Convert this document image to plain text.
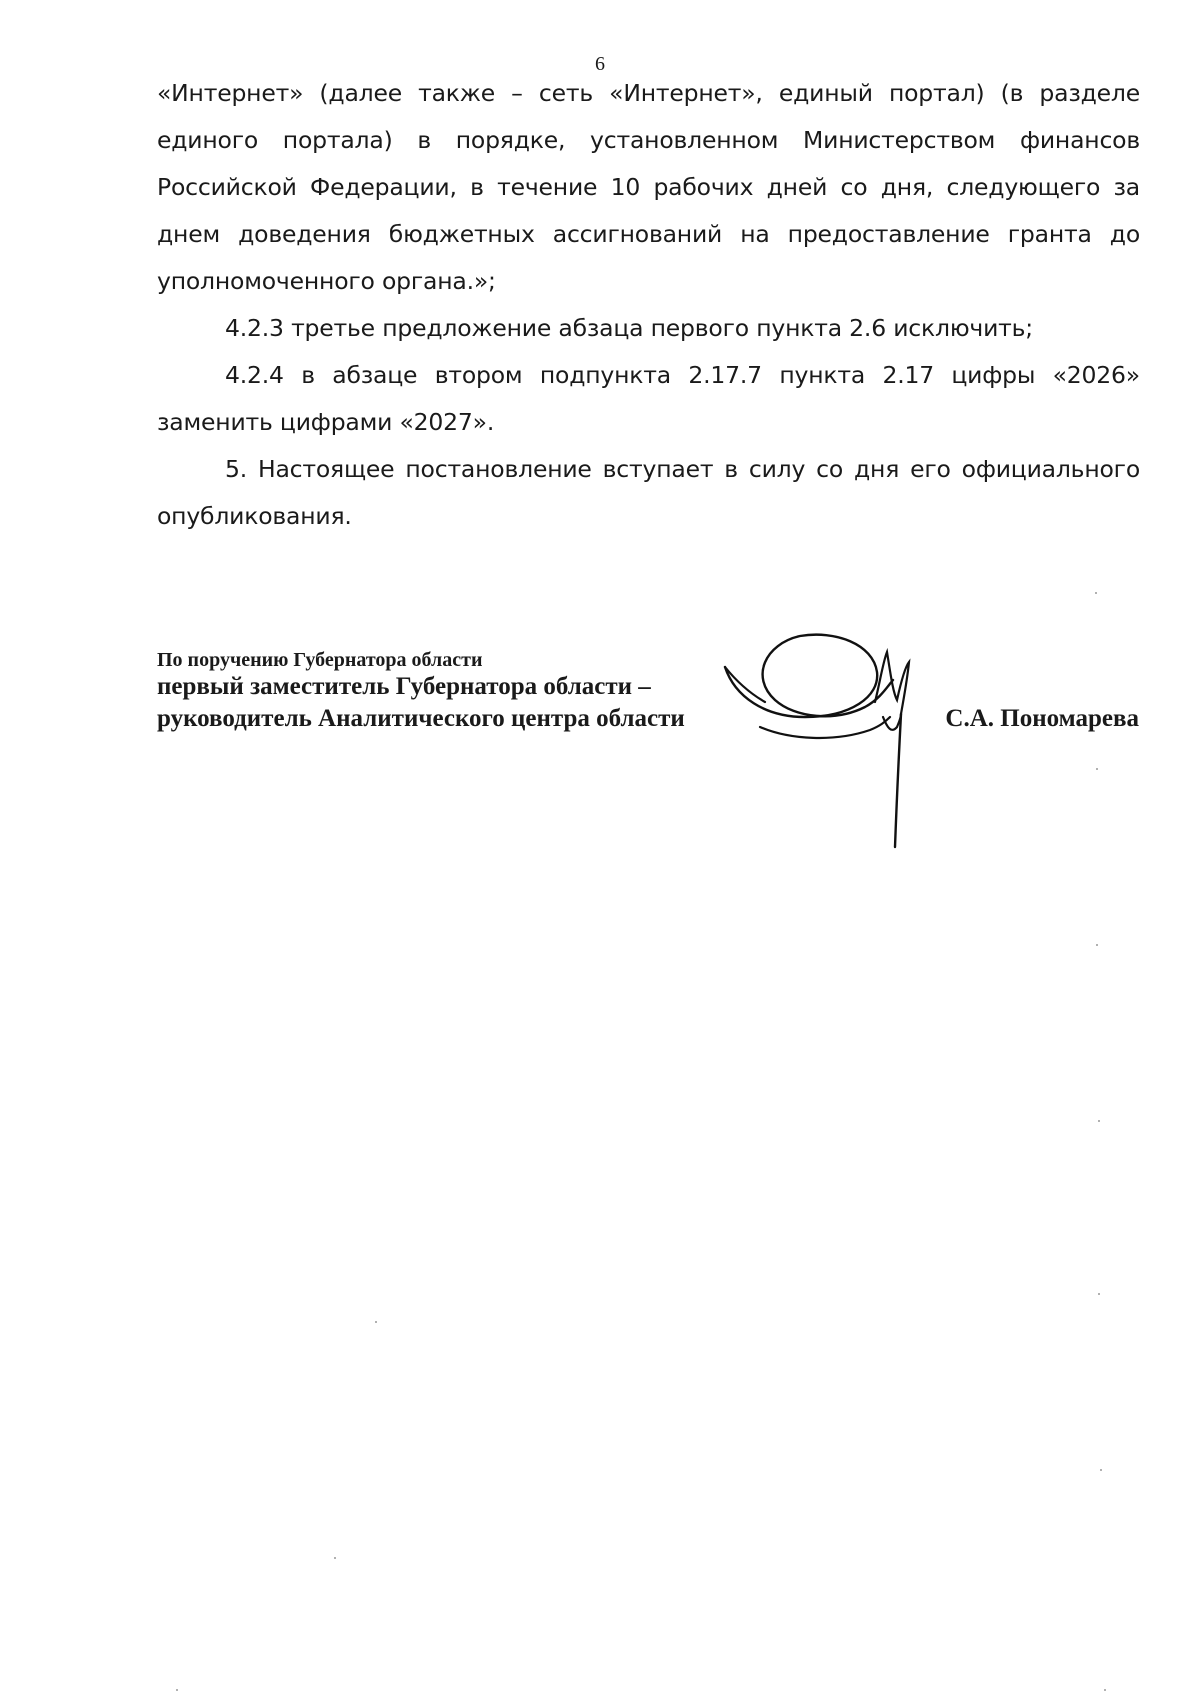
6

«Интернет» (далее также – сеть «Интернет», единый портал) (в разделе единого портала) в порядке, установленном Министерством финансов Российской Федерации, в течение 10 рабочих дней со дня, следующего за днем доведения бюджетных ассигнований на предоставление гранта до уполномоченного органа.»;

4.2.3 третье предложение абзаца первого пункта 2.6 исключить;

4.2.4 в абзаце втором подпункта 2.17.7 пункта 2.17 цифры «2026» заменить цифрами «2027».

5. Настоящее постановление вступает в силу со дня его официального опубликования.

По поручению Губернатора области
первый заместитель Губернатора области –
руководитель Аналитического центра области	С.А. Пономарева
